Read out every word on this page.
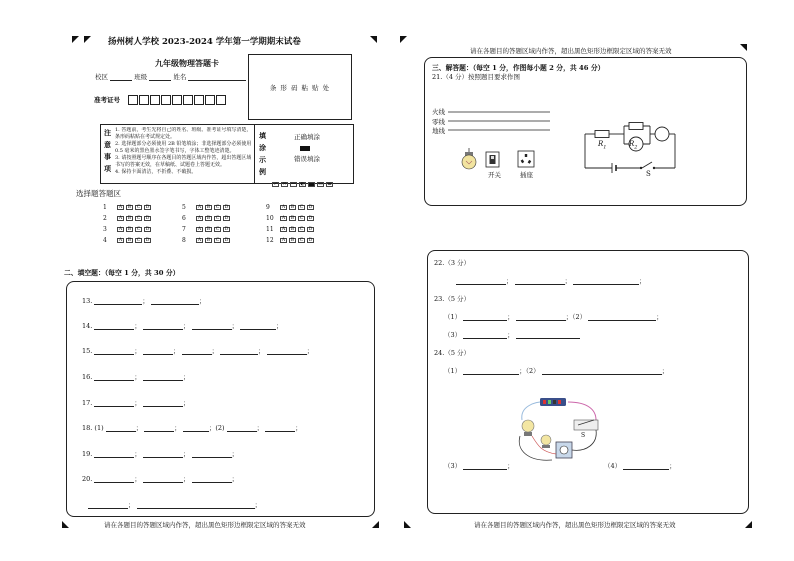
扬州树人学校 2023-2024 学年第一学期期末试卷
九年级物理答题卡
校区	班级	姓名
准考证号
条 形 码 粘 贴 处
注
意
事
项
1. 答题前，考生先将自己的姓名、班级、准考证号填写清楚，
条形码粘贴在考试规定处。
2. 选择题部分必须使用 2B 铅笔填涂；非选择题部分必须使用
0.5 毫米的黑色墨水签字笔书写，字体工整笔迹清楚。
3. 请按照题号顺序在各题目的答题区域内作答，超出答题区域
书写的答案无效，在草稿纸、试题卷上答题无效。
4. 保持卡面清洁，不折叠、不破损。
填
涂
示
例
正确填涂
错误填涂
✓ ✕ — ◐	▭ ▬
选择题答题区
1	A B C D
2	A B C D
3	A B C D
4	A B C D
5	A B C D
6	A B C D
7	A B C D
8	A B C D
9	A B C D
10 A B C D
11 A B C D
12 A B C D
二、填空题：（每空 1 分，共 30 分）
13.	；	；
14.	；	；	；	；
15.	；	；	；	；	；
16.	；	；
17.	；	；
18. (1)	；	；	；(2)	；	；
19.	；	；	；
20.	；	；	；
；	；
请在各题目的答题区域内作答，超出黑色矩形边框限定区域的答案无效
请在各题目的答题区域内作答，超出黑色矩形边框限定区域的答案无效
三、解答题：（每空 1 分，作图每小题 2 分，共 46 分）
21.（4 分）按照题目要求作图
火线
零线
地线
开关	插座
$R_1$	$R_2$
S
22.（3 分）
；	；	；
23.（5 分）
（1）	；	；（2）	；
（3）	；
24.（5 分）
（1）	；（2）	；
S
（3）	；	（4）	；
请在各题目的答题区域内作答，超出黑色矩形边框限定区域的答案无效
